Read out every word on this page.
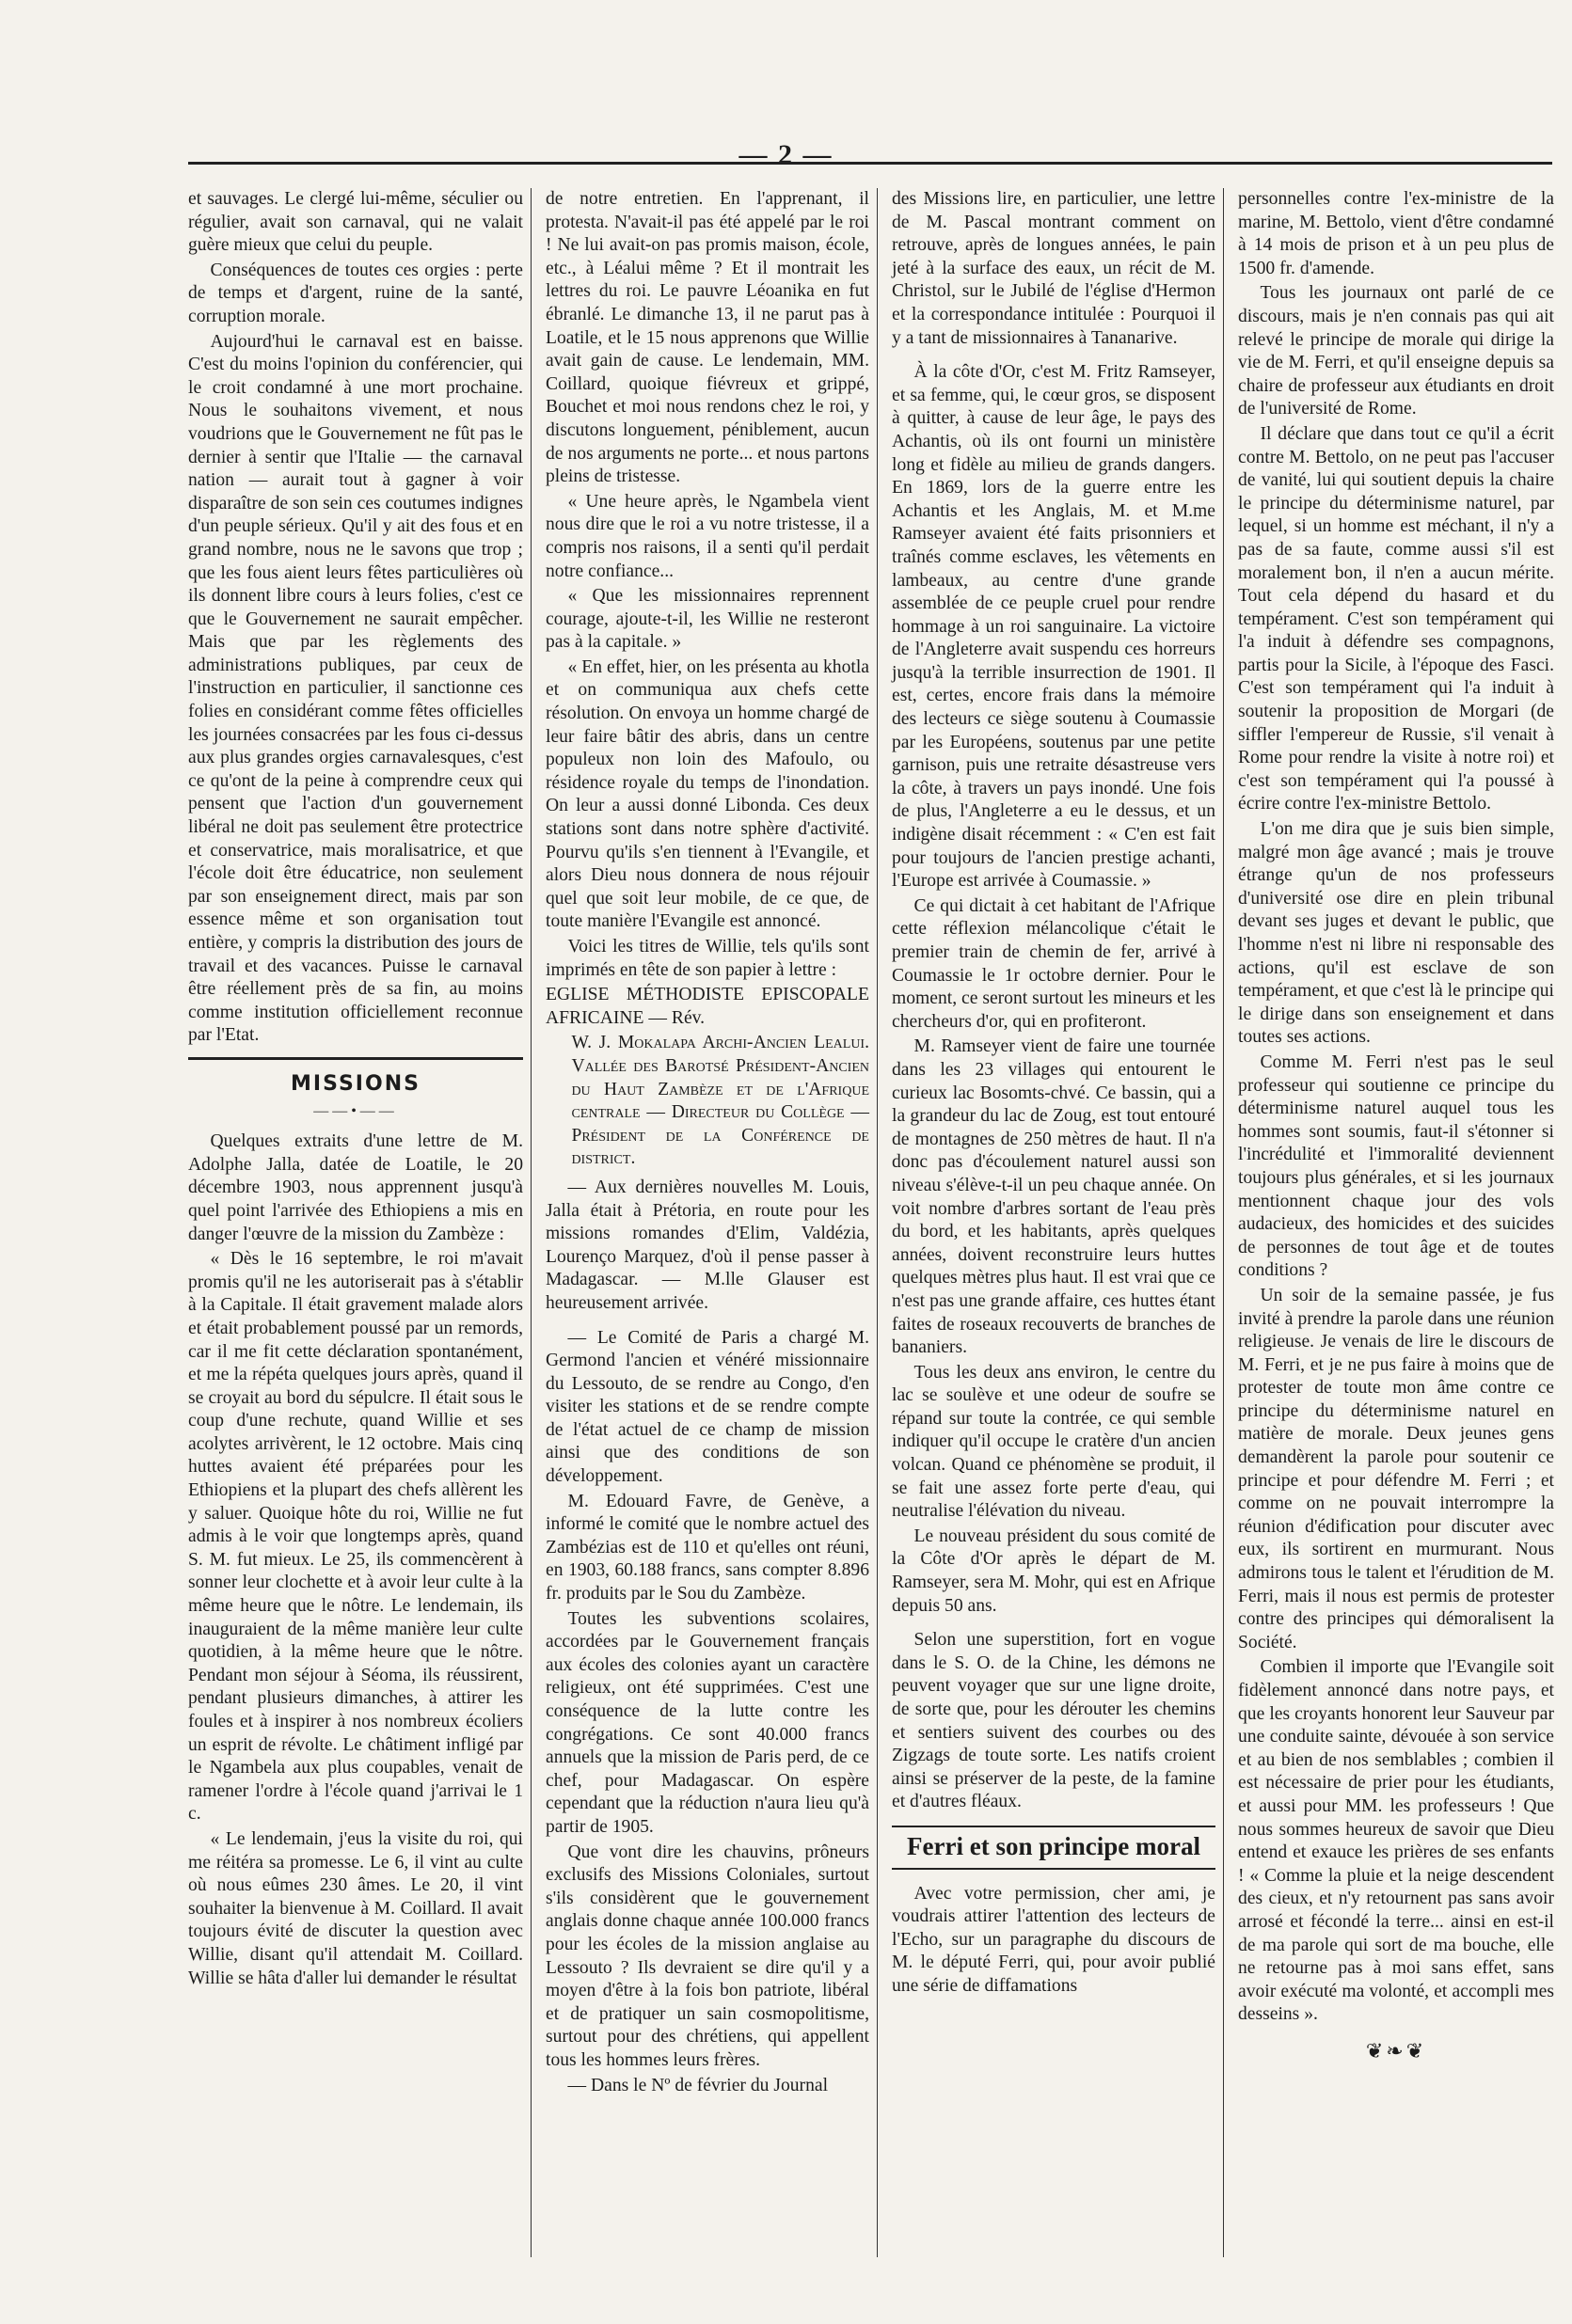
— 2 —

et sauvages. Le clergé lui-même, séculier ou régulier, avait son carnaval, qui ne valait guère mieux que celui du peuple.

Conséquences de toutes ces orgies : perte de temps et d'argent, ruine de la santé, corruption morale.

Aujourd'hui le carnaval est en baisse. C'est du moins l'opinion du conférencier, qui le croit condamné à une mort prochaine. Nous le souhaitons vivement, et nous voudrions que le Gouvernement ne fût pas le dernier à sentir que l'Italie — the carnaval nation — aurait tout à gagner à voir disparaître de son sein ces coutumes indignes d'un peuple sérieux. Qu'il y ait des fous et en grand nombre, nous ne le savons que trop ; que les fous aient leurs fêtes particulières où ils donnent libre cours à leurs folies, c'est ce que le Gouvernement ne saurait empêcher. Mais que par les règlements des administrations publiques, par ceux de l'instruction en particulier, il sanctionne ces folies en considérant comme fêtes officielles les journées consacrées par les fous ci-dessus aux plus grandes orgies carnavalesques, c'est ce qu'ont de la peine à comprendre ceux qui pensent que l'action d'un gouvernement libéral ne doit pas seulement être protectrice et conservatrice, mais moralisatrice, et que l'école doit être éducatrice, non seulement par son enseignement direct, mais par son essence même et son organisation tout entière, y compris la distribution des jours de travail et des vacances. Puisse le carnaval être réellement près de sa fin, au moins comme institution officiellement reconnue par l'Etat.

MISSIONS
——•——

Quelques extraits d'une lettre de M. Adolphe Jalla, datée de Loatile, le 20 décembre 1903, nous apprennent jusqu'à quel point l'arrivée des Ethiopiens a mis en danger l'œuvre de la mission du Zambèze :

« Dès le 16 septembre, le roi m'avait promis qu'il ne les autoriserait pas à s'établir à la Capitale. Il était gravement malade alors et était probablement poussé par un remords, car il me fit cette déclaration spontanément, et me la répéta quelques jours après, quand il se croyait au bord du sépulcre. Il était sous le coup d'une rechute, quand Willie et ses acolytes arrivèrent, le 12 octobre. Mais cinq huttes avaient été préparées pour les Ethiopiens et la plupart des chefs allèrent les y saluer. Quoique hôte du roi, Willie ne fut admis à le voir que longtemps après, quand S. M. fut mieux. Le 25, ils commencèrent à sonner leur clochette et à avoir leur culte à la même heure que le nôtre. Le lendemain, ils inauguraient de la même manière leur culte quotidien, à la même heure que le nôtre. Pendant mon séjour à Séoma, ils réussirent, pendant plusieurs dimanches, à attirer les foules et à inspirer à nos nombreux écoliers un esprit de révolte. Le châtiment infligé par le Ngambela aux plus coupables, venait de ramener l'ordre à l'école quand j'arrivai le 1 c.

« Le lendemain, j'eus la visite du roi, qui me réitéra sa promesse. Le 6, il vint au culte où nous eûmes 230 âmes. Le 20, il vint souhaiter la bienvenue à M. Coillard. Il avait toujours évité de discuter la question avec Willie, disant qu'il attendait M. Coillard. Willie se hâta d'aller lui demander le résultat

de notre entretien. En l'apprenant, il protesta. N'avait-il pas été appelé par le roi ! Ne lui avait-on pas promis maison, école, etc., à Léalui même ? Et il montrait les lettres du roi. Le pauvre Léoanika en fut ébranlé. Le dimanche 13, il ne parut pas à Loatile, et le 15 nous apprenons que Willie avait gain de cause. Le lendemain, MM. Coillard, quoique fiévreux et grippé, Bouchet et moi nous rendons chez le roi, y discutons longuement, péniblement, aucun de nos arguments ne porte... et nous partons pleins de tristesse.

« Une heure après, le Ngambela vient nous dire que le roi a vu notre tristesse, il a compris nos raisons, il a senti qu'il perdait notre confiance...

« Que les missionnaires reprennent courage, ajoute-t-il, les Willie ne resteront pas à la capitale. »

« En effet, hier, on les présenta au khotla et on communiqua aux chefs cette résolution. On envoya un homme chargé de leur faire bâtir des abris, dans un centre populeux non loin des Mafoulo, ou résidence royale du temps de l'inondation. On leur a aussi donné Libonda. Ces deux stations sont dans notre sphère d'activité. Pourvu qu'ils s'en tiennent à l'Evangile, et alors Dieu nous donnera de nous réjouir quel que soit leur mobile, de ce que, de toute manière l'Evangile est annoncé.

Voici les titres de Willie, tels qu'ils sont imprimés en tête de son papier à lettre :

EGLISE MÉTHODISTE EPISCOPALE AFRICAINE — Rév.

W. J. Mokalapa Archi-Ancien Lealui. Vallée des Barotsé Président-Ancien du Haut Zambèze et de l'Afrique centrale — Directeur du Collège — Président de la Conférence de district.

— Aux dernières nouvelles M. Louis, Jalla était à Prétoria, en route pour les missions romandes d'Elim, Valdézia, Lourenço Marquez, d'où il pense passer à Madagascar. — M.lle Glauser est heureusement arrivée.

— Le Comité de Paris a chargé M. Germond l'ancien et vénéré missionnaire du Lessouto, de se rendre au Congo, d'en visiter les stations et de se rendre compte de l'état actuel de ce champ de mission ainsi que des conditions de son développement.

M. Edouard Favre, de Genève, a informé le comité que le nombre actuel des Zambézias est de 110 et qu'elles ont réuni, en 1903, 60.188 francs, sans compter 8.896 fr. produits par le Sou du Zambèze.

Toutes les subventions scolaires, accordées par le Gouvernement français aux écoles des colonies ayant un caractère religieux, ont été supprimées. C'est une conséquence de la lutte contre les congrégations. Ce sont 40.000 francs annuels que la mission de Paris perd, de ce chef, pour Madagascar. On espère cependant que la réduction n'aura lieu qu'à partir de 1905.

Que vont dire les chauvins, prôneurs exclusifs des Missions Coloniales, surtout s'ils considèrent que le gouvernement anglais donne chaque année 100.000 francs pour les écoles de la mission anglaise au Lessouto ? Ils devraient se dire qu'il y a moyen d'être à la fois bon patriote, libéral et de pratiquer un sain cosmopolitisme, surtout pour des chrétiens, qui appellent tous les hommes leurs frères.

— Dans le Nº de février du Journal

des Missions lire, en particulier, une lettre de M. Pascal montrant comment on retrouve, après de longues années, le pain jeté à la surface des eaux, un récit de M. Christol, sur le Jubilé de l'église d'Hermon et la correspondance intitulée : Pourquoi il y a tant de missionnaires à Tananarive.

À la côte d'Or, c'est M. Fritz Ramseyer, et sa femme, qui, le cœur gros, se disposent à quitter, à cause de leur âge, le pays des Achantis, où ils ont fourni un ministère long et fidèle au milieu de grands dangers. En 1869, lors de la guerre entre les Achantis et les Anglais, M. et M.me Ramseyer avaient été faits prisonniers et traînés comme esclaves, les vêtements en lambeaux, au centre d'une grande assemblée de ce peuple cruel pour rendre hommage à un roi sanguinaire. La victoire de l'Angleterre avait suspendu ces horreurs jusqu'à la terrible insurrection de 1901. Il est, certes, encore frais dans la mémoire des lecteurs ce siège soutenu à Coumassie par les Européens, soutenus par une petite garnison, puis une retraite désastreuse vers la côte, à travers un pays inondé. Une fois de plus, l'Angleterre a eu le dessus, et un indigène disait récemment : « C'en est fait pour toujours de l'ancien prestige achanti, l'Europe est arrivée à Coumassie. »

Ce qui dictait à cet habitant de l'Afrique cette réflexion mélancolique c'était le premier train de chemin de fer, arrivé à Coumassie le 1r octobre dernier. Pour le moment, ce seront surtout les mineurs et les chercheurs d'or, qui en profiteront.

M. Ramseyer vient de faire une tournée dans les 23 villages qui entourent le curieux lac Bosomts-chvé. Ce bassin, qui a la grandeur du lac de Zoug, est tout entouré de montagnes de 250 mètres de haut. Il n'a donc pas d'écoulement naturel aussi son niveau s'élève-t-il un peu chaque année. On voit nombre d'arbres sortant de l'eau près du bord, et les habitants, après quelques années, doivent reconstruire leurs huttes quelques mètres plus haut. Il est vrai que ce n'est pas une grande affaire, ces huttes étant faites de roseaux recouverts de branches de bananiers.

Tous les deux ans environ, le centre du lac se soulève et une odeur de soufre se répand sur toute la contrée, ce qui semble indiquer qu'il occupe le cratère d'un ancien volcan. Quand ce phénomène se produit, il se fait une assez forte perte d'eau, qui neutralise l'élévation du niveau.

Le nouveau président du sous comité de la Côte d'Or après le départ de M. Ramseyer, sera M. Mohr, qui est en Afrique depuis 50 ans.

Selon une superstition, fort en vogue dans le S. O. de la Chine, les démons ne peuvent voyager que sur une ligne droite, de sorte que, pour les dérouter les chemins et sentiers suivent des courbes ou des Zigzags de toute sorte. Les natifs croient ainsi se préserver de la peste, de la famine et d'autres fléaux.

Ferri et son principe moral

Avec votre permission, cher ami, je voudrais attirer l'attention des lecteurs de l'Echo, sur un paragraphe du discours de M. le député Ferri, qui, pour avoir publié une série de diffamations

personnelles contre l'ex-ministre de la marine, M. Bettolo, vient d'être condamné à 14 mois de prison et à un peu plus de 1500 fr. d'amende.

Tous les journaux ont parlé de ce discours, mais je n'en connais pas qui ait relevé le principe de morale qui dirige la vie de M. Ferri, et qu'il enseigne depuis sa chaire de professeur aux étudiants en droit de l'université de Rome.

Il déclare que dans tout ce qu'il a écrit contre M. Bettolo, on ne peut pas l'accuser de vanité, lui qui soutient depuis la chaire le principe du déterminisme naturel, par lequel, si un homme est méchant, il n'y a pas de sa faute, comme aussi s'il est moralement bon, il n'en a aucun mérite. Tout cela dépend du hasard et du tempérament. C'est son tempérament qui l'a induit à défendre ses compagnons, partis pour la Sicile, à l'époque des Fasci. C'est son tempérament qui l'a induit à soutenir la proposition de Morgari (de siffler l'empereur de Russie, s'il venait à Rome pour rendre la visite à notre roi) et c'est son tempérament qui l'a poussé à écrire contre l'ex-ministre Bettolo.

L'on me dira que je suis bien simple, malgré mon âge avancé ; mais je trouve étrange qu'un de nos professeurs d'université ose dire en plein tribunal devant ses juges et devant le public, que l'homme n'est ni libre ni responsable des actions, qu'il est esclave de son tempérament, et que c'est là le principe qui le dirige dans son enseignement et dans toutes ses actions.

Comme M. Ferri n'est pas le seul professeur qui soutienne ce principe du déterminisme naturel auquel tous les hommes sont soumis, faut-il s'étonner si l'incrédulité et l'immoralité deviennent toujours plus générales, et si les journaux mentionnent chaque jour des vols audacieux, des homicides et des suicides de personnes de tout âge et de toutes conditions ?

Un soir de la semaine passée, je fus invité à prendre la parole dans une réunion religieuse. Je venais de lire le discours de M. Ferri, et je ne pus faire à moins que de protester de toute mon âme contre ce principe du déterminisme naturel en matière de morale. Deux jeunes gens demandèrent la parole pour soutenir ce principe et pour défendre M. Ferri ; et comme on ne pouvait interrompre la réunion d'édification pour discuter avec eux, ils sortirent en murmurant. Nous admirons tous le talent et l'érudition de M. Ferri, mais il nous est permis de protester contre des principes qui démoralisent la Société.

Combien il importe que l'Evangile soit fidèlement annoncé dans notre pays, et que les croyants honorent leur Sauveur par une conduite sainte, dévouée à son service et au bien de nos semblables ; combien il est nécessaire de prier pour les étudiants, et aussi pour MM. les professeurs ! Que nous sommes heureux de savoir que Dieu entend et exauce les prières de ses enfants ! « Comme la pluie et la neige descendent des cieux, et n'y retournent pas sans avoir arrosé et fécondé la terre... ainsi en est-il de ma parole qui sort de ma bouche, elle ne retourne pas à moi sans effet, sans avoir exécuté ma volonté, et accompli mes desseins ».

❦❧❦
